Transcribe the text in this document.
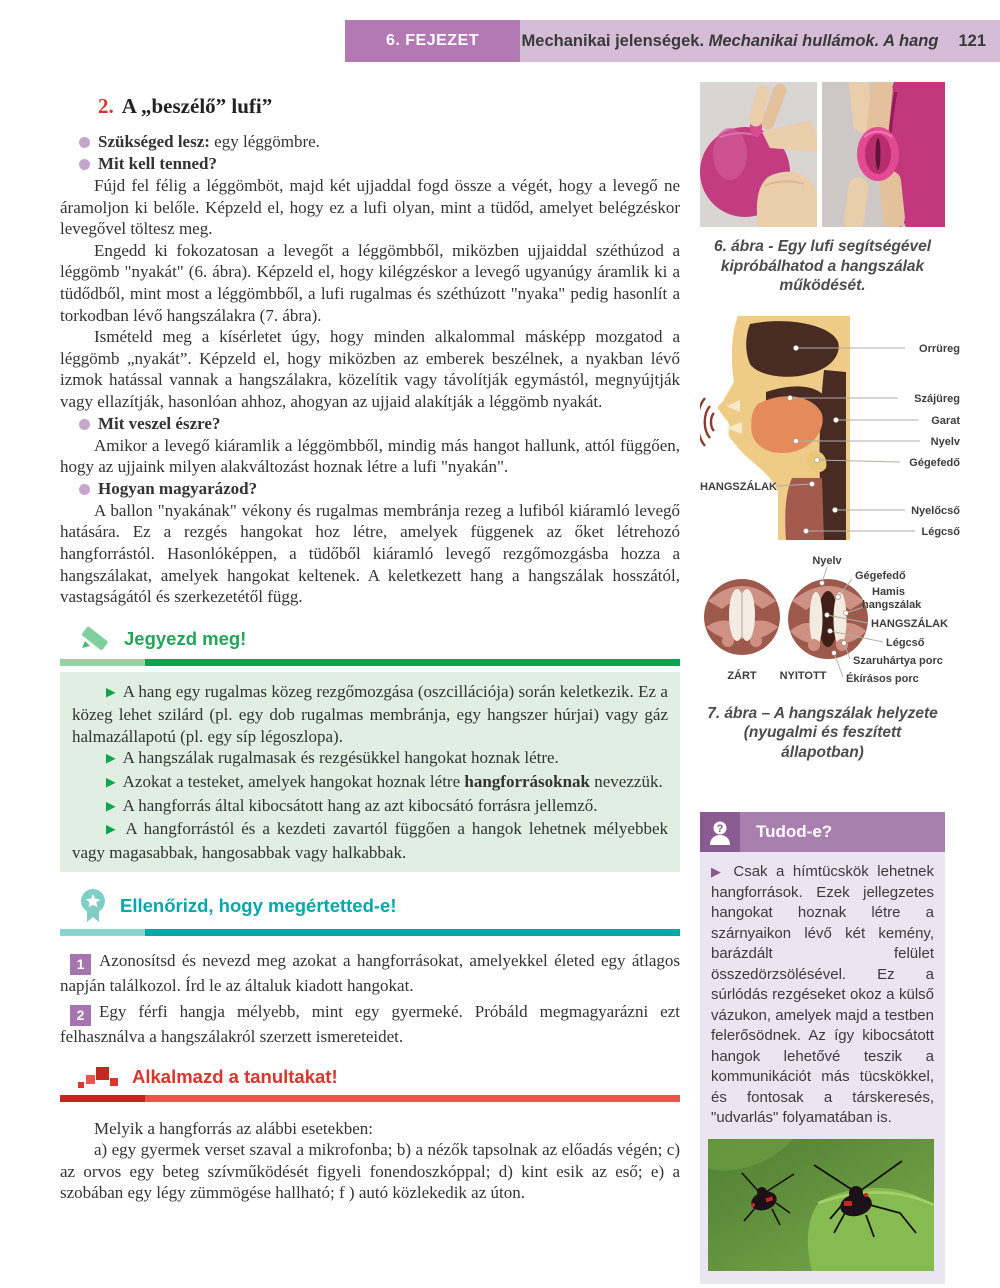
6. FEJEZET	Mechanikai jelenségek. Mechanikai hullámok. A hang 121
2. A „beszélő” lufi”

Szükséged lesz: egy léggömbre.

Mit kell tenned?

Fújd fel félig a léggömböt, majd két ujjaddal fogd össze a végét, hogy a levegő ne áramoljon ki belőle. Képzeld el, hogy ez a lufi olyan, mint a tüdőd, amelyet belégzéskor levegővel töltesz meg.

Engedd ki fokozatosan a levegőt a léggömbből, miközben ujjaiddal széthúzod a léggömb "nyakát" (6. ábra). Képzeld el, hogy kilégzéskor a levegő ugyanúgy áramlik ki a tüdődből, mint most a léggömbből, a lufi rugalmas és széthúzott "nyaka" pedig hasonlít a torkodban lévő hangszálakra (7. ábra).

Ismételd meg a kísérletet úgy, hogy minden alkalommal másképp mozgatod a léggömb „nyakát”. Képzeld el, hogy miközben az emberek beszélnek, a nyakban lévő izmok hatással vannak a hangszálakra, közelítik vagy távolítják egymástól, megnyújtják vagy ellazítják, hasonlóan ahhoz, ahogyan az ujjaid alakítják a léggömb nyakát.

Mit veszel észre?

Amikor a levegő kiáramlik a léggömbből, mindig más hangot hallunk, attól függően, hogy az ujjaink milyen alakváltozást hoznak létre a lufi "nyakán".

Hogyan magyarázod?

A ballon "nyakának" vékony és rugalmas membránja rezeg a lufiból kiáramló levegő hatására. Ez a rezgés hangokat hoz létre, amelyek függenek az őket létrehozó hangforrástól. Hasonlóképpen, a tüdőből kiáramló levegő rezgőmozgásba hozza a hangszálakat, amelyek hangokat keltenek. A keletkezett hang a hangszálak hosszától, vastagságától és szerkezetétől függ.

Jegyezd meg!

▶ A hang egy rugalmas közeg rezgőmozgása (oszcillációja) során keletkezik. Ez a közeg lehet szilárd (pl. egy dob rugalmas membránja, egy hangszer húrjai) vagy gáz halmazállapotú (pl. egy síp légoszlopa).

▶ A hangszálak rugalmasak és rezgésükkel hangokat hoznak létre.

▶ Azokat a testeket, amelyek hangokat hoznak létre hangforrásoknak nevezzük.

▶ A hangforrás által kibocsátott hang az azt kibocsátó forrásra jellemző.

▶ A hangforrástól és a kezdeti zavartól függően a hangok lehetnek mélyebbek vagy magasabbak, hangosabbak vagy halkabbak.

Ellenőrizd, hogy megértetted-e!

1 Azonosítsd és nevezd meg azokat a hangforrásokat, amelyekkel életed egy átlagos napján találkozol. Írd le az általuk kiadott hangokat.

2 Egy férfi hangja mélyebb, mint egy gyermeké. Próbáld megmagyarázni ezt felhasználva a hangszálakról szerzett ismereteidet.

Alkalmazd a tanultakat!

Melyik a hangforrás az alábbi esetekben:

a) egy gyermek verset szaval a mikrofonba; b) a nézők tapsolnak az előadás végén; c) az orvos egy beteg szívműködését figyeli fonendoszkóppal; d) kint esik az eső; e) a szobában egy légy zümmögése hallható; f ) autó közlekedik az úton.

6. ábra - Egy lufi segítségével kipróbálhatod a hangszálak működését.
Orrüreg
Szájüreg
Garat
Nyelv
Gégefedő
HANGSZÁLAK
Nyelőcső
Légcső

Nyelv
Gégefedő
Hamis
hangszálak
HANGSZÁLAK
Légcső
Szaruhártya porc
Ékírásos porc
ZÁRT NYITOTT
7. ábra – A hangszálak helyzete
(nyugalmi és feszített állapotban)
? Tudod-e?
▶ Csak a hímtücskök lehetnek hangforrások. Ezek jellegzetes hangokat hoznak létre a szárnyaikon lévő két kemény, barázdált felület összedörzsölésével. Ez a súrlódás rezgéseket okoz a külső vázukon, amelyek majd a testben felerősödnek. Az így kibocsátott hangok lehetővé teszik a kommunikációt más tücskökkel, és fontosak a társkeresés, "udvarlás" folyamatában is.
